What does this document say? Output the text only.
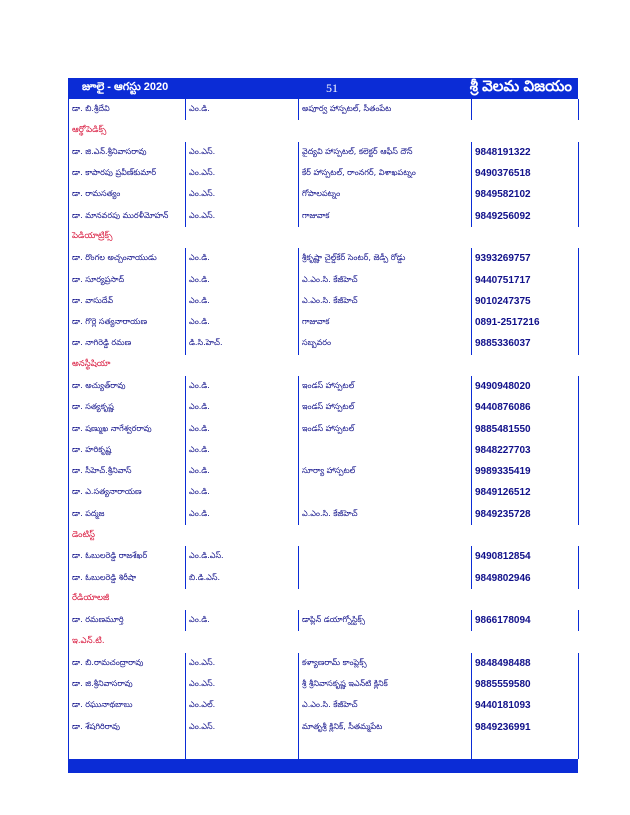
జూలై - ఆగస్టు 2020	51	శ్రీ వెలమ విజయం
డా. బి.శ్రీదేవి	ఎం.డి.	అపూర్వ హాస్పటల్, సీతంపేట	
ఆర్థోపెడిక్స్			
డా. జి.ఎన్.శ్రీనివాసరావు	ఎం.ఎస్.	వైద్యవి హాస్పటల్, కలెక్టర్ ఆఫీస్ దౌన్	9848191322
డా. కాపారపు ప్రవీణ్‌కుమార్	ఎం.ఎస్.	కేర్ హాస్పటల్, రాంనగర్, విశాఖపట్నం	9490376518
డా. రామసత్యం	ఎం.ఎస్.	గోపాలపట్నం	9849582102
డా. మానవరపు మురళీమోహన్	ఎం.ఎస్.	గాజువాక	9849256092
పెడియాట్రిక్స్			
డా. రొంగల అచ్చంనాయుడు	ఎం.డి.	శ్రీకృష్ణా చైల్డ్‌కేర్ సెంటర్, జెడ్పీ రోడ్డు	9393269757
డా. సూర్యప్రసాద్	ఎం.డి.	ఎ.ఎం.సి. కేజీహెచ్	9440751717
డా. వాసుదేవ్	ఎం.డి.	ఎ.ఎం.సి. కేజీహెచ్	9010247375
డా. గొర్లె సత్యనారాయణ	ఎం.డి.	గాజువాక	0891-2517216
డా. నాగిరెడ్డి రమణ	డి.సి.హెచ్.	సబ్బవరం	9885336037
అనస్థీషియా			
డా. అచ్యుత్‌రావు	ఎం.డి.	ఇండస్ హాస్పటల్	9490948020
డా. సత్యకృష్ణ	ఎం.డి.	ఇండస్ హాస్పటల్	9440876086
డా. షణ్ముఖ నాగేశ్వరరావు	ఎం.డి.	ఇండస్ హాస్పటల్	9885481550
డా. హరికృష్ణ	ఎం.డి.		9848227703
డా. సీహెచ్.శ్రీనివాస్	ఎం.డి.	సూర్యా హాస్పటల్	9989335419
డా. ఎ.సత్యనారాయణ	ఎం.డి.		9849126512
డా. పద్మజ	ఎం.డి.	ఎ.ఎం.సి. కేజీహెచ్	9849235728
డెంటిస్ట్			
డా. ఓబులరెడ్డి రాజశేఖర్	ఎం.డి.ఎస్.		9490812854
డా. ఓబులరెడ్డి శిరీషా	బి.డి.ఎస్.		9849802946
రేడియాలజీ			
డా. రమణమూర్తి	ఎం.డి.	డాప్లిన్ డయాగ్నోస్టిక్స్	9866178094
ఇ.ఎన్.టి.			
డా. బి.రామచంద్రారావు	ఎం.ఎస్.	కళ్యాణరామ్ కాంప్లెక్స్	9848498488
డా. జి.శ్రీనివాసరావు	ఎం.ఎస్.	శ్రీ శ్రీనివాసకృష్ణ ఇఎన్‌టి క్లినిక్	9885559580
డా. రఘునాథబాబు	ఎం.ఎల్.	ఎ.ఎం.సి. కేజీహెచ్	9440181093
డా. శేషగిరిరావు	ఎం.ఎస్.	మాతృశ్రీ క్లినిక్, సీతమ్మపేట	9849236991
